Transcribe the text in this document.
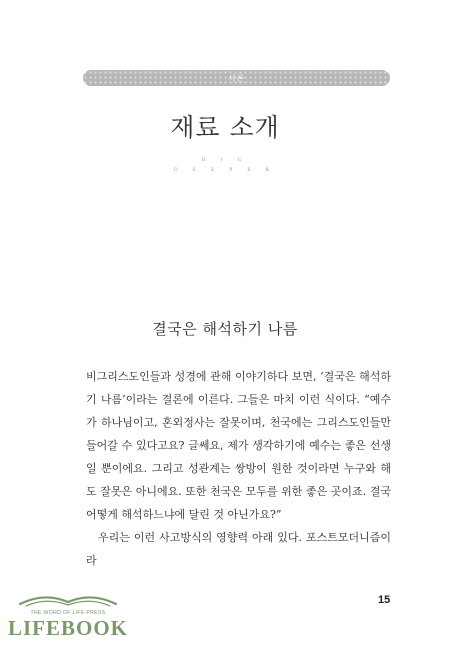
서론
재료 소개
D I G
D E E P E R
결국은 해석하기 나름

비그리스도인들과 성경에 관해 이야기하다 보면, ‘결국은 해석하기 나름’이라는 결론에 이른다. 그들은 마치 이런 식이다. “예수가 하나님이고, 혼외정사는 잘못이며, 천국에는 그리스도인들만 들어갈 수 있다고요? 글쎄요, 제가 생각하기에 예수는 좋은 선생일 뿐이에요. 그리고 성관계는 쌍방이 원한 것이라면 누구와 해도 잘못은 아니에요. 또한 천국은 모두를 위한 좋은 곳이죠. 결국 어떻게 해석하느냐에 달린 것 아닌가요?”

우리는 이런 사고방식의 영향력 아래 있다. 포스트모더니즘이라

15
THE WORD OF LIFE PRESS
LIFEBOOK
